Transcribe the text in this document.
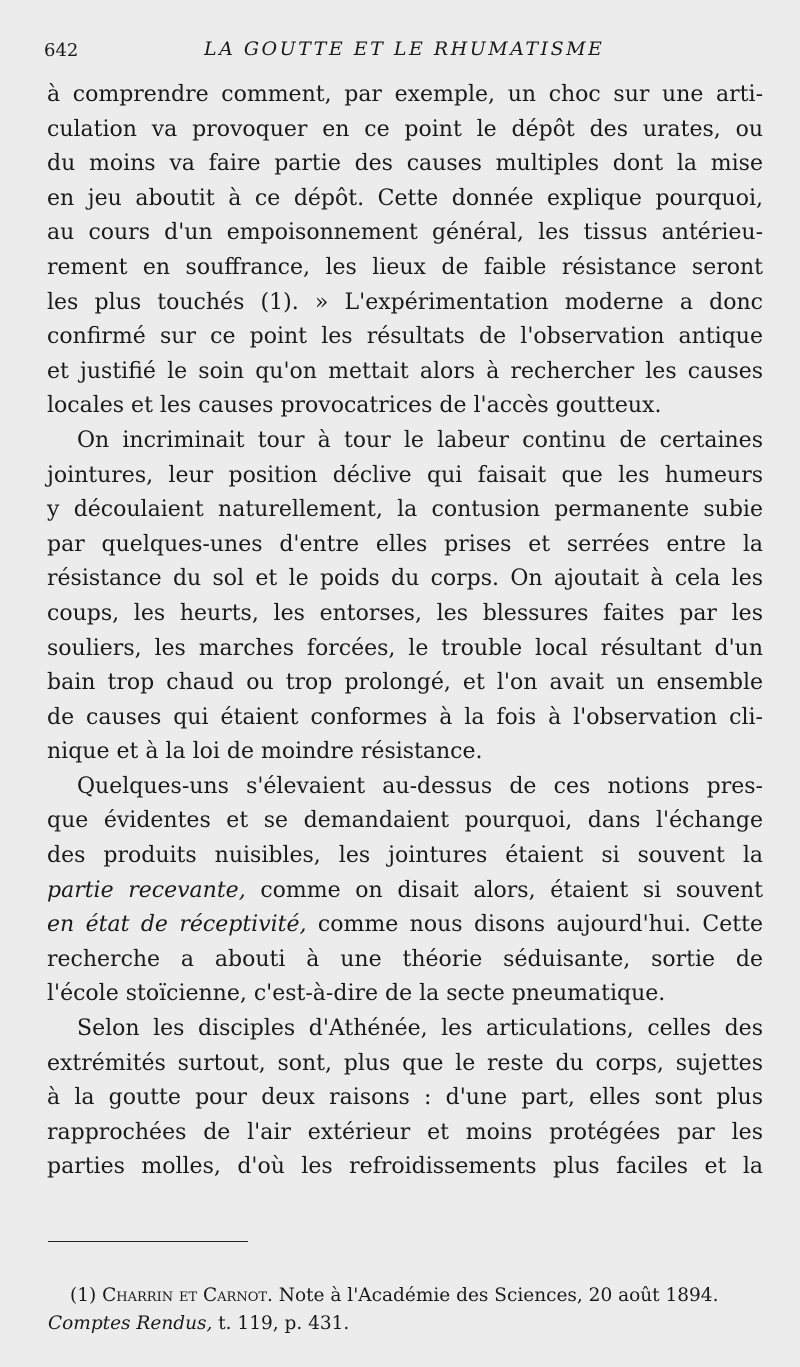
642	LA GOUTTE ET LE RHUMATISME
à comprendre comment, par exemple, un choc sur une arti-
culation va provoquer en ce point le dépôt des urates, ou
du moins va faire partie des causes multiples dont la mise
en jeu aboutit à ce dépôt. Cette donnée explique pourquoi,
au cours d'un empoisonnement général, les tissus antérieu-
rement en souffrance, les lieux de faible résistance seront
les plus touchés (1). » L'expérimentation moderne a donc
confirmé sur ce point les résultats de l'observation antique
et justifié le soin qu'on mettait alors à rechercher les causes
locales et les causes provocatrices de l'accès goutteux.
On incriminait tour à tour le labeur continu de certaines
jointures, leur position déclive qui faisait que les humeurs
y découlaient naturellement, la contusion permanente subie
par quelques-unes d'entre elles prises et serrées entre la
résistance du sol et le poids du corps. On ajoutait à cela les
coups, les heurts, les entorses, les blessures faites par les
souliers, les marches forcées, le trouble local résultant d'un
bain trop chaud ou trop prolongé, et l'on avait un ensemble
de causes qui étaient conformes à la fois à l'observation cli-
nique et à la loi de moindre résistance.
Quelques-uns s'élevaient au-dessus de ces notions pres-
que évidentes et se demandaient pourquoi, dans l'échange
des produits nuisibles, les jointures étaient si souvent la
partie recevante, comme on disait alors, étaient si souvent
en état de réceptivité, comme nous disons aujourd'hui. Cette
recherche a abouti à une théorie séduisante, sortie de
l'école stoïcienne, c'est-à-dire de la secte pneumatique.
Selon les disciples d'Athénée, les articulations, celles des
extrémités surtout, sont, plus que le reste du corps, sujettes
à la goutte pour deux raisons : d'une part, elles sont plus
rapprochées de l'air extérieur et moins protégées par les
parties molles, d'où les refroidissements plus faciles et la
(1) Charrin et Carnot. Note à l'Académie des Sciences, 20 août 1894.
Comptes Rendus, t. 119, p. 431.
